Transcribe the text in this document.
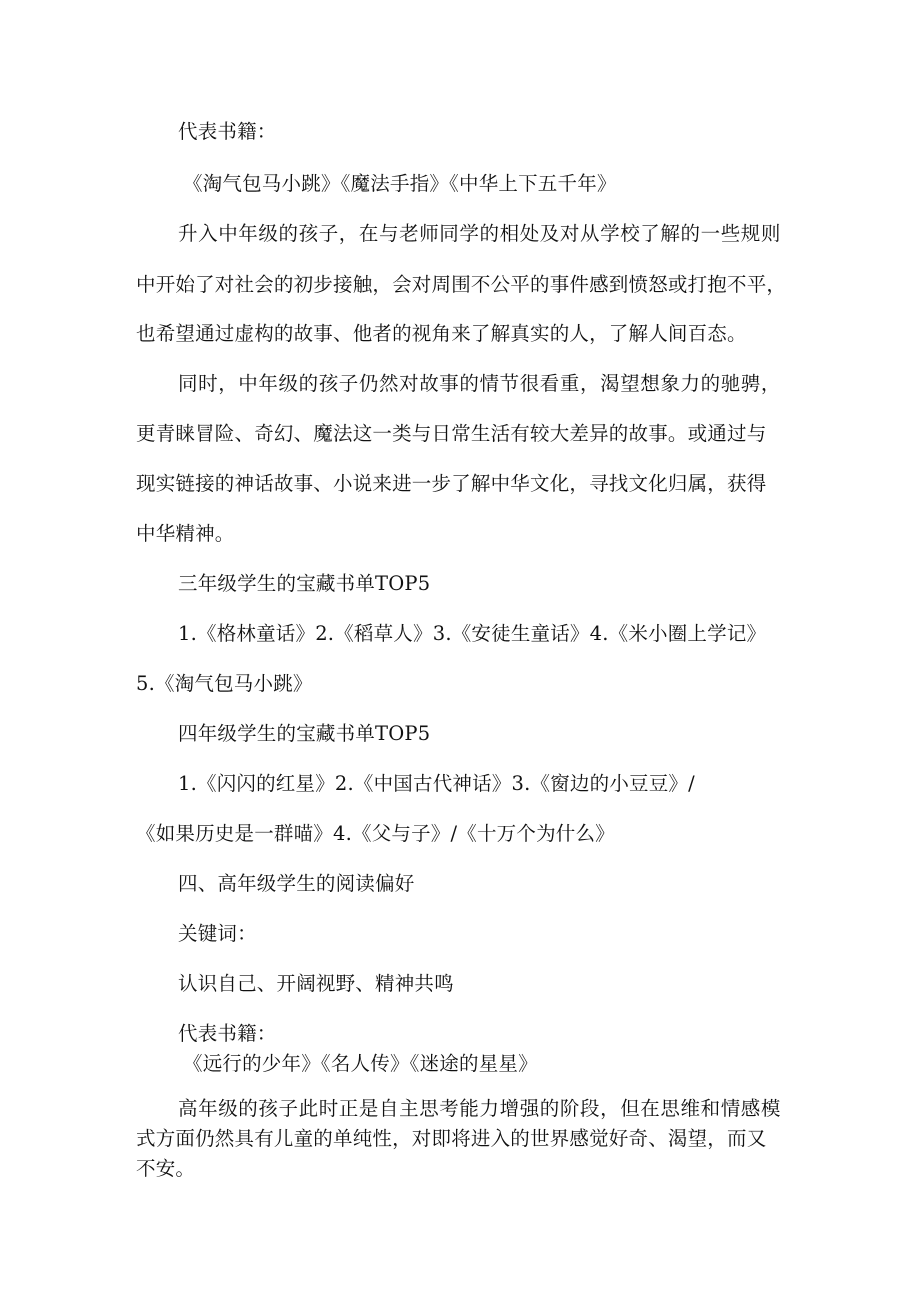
代表书籍：

《淘气包马小跳》《魔法手指》《中华上下五千年》

升入中年级的孩子，在与老师同学的相处及对从学校了解的一些规则

中开始了对社会的初步接触，会对周围不公平的事件感到愤怒或打抱不平，

也希望通过虚构的故事、他者的视角来了解真实的人，了解人间百态。

同时，中年级的孩子仍然对故事的情节很看重，渴望想象力的驰骋，

更青睐冒险、奇幻、魔法这一类与日常生活有较大差异的故事。或通过与

现实链接的神话故事、小说来进一步了解中华文化，寻找文化归属，获得

中华精神。

三年级学生的宝藏书单TOP5

1.《格林童话》2.《稻草人》3.《安徒生童话》4.《米小圈上学记》

5.《淘气包马小跳》

四年级学生的宝藏书单TOP5

1.《闪闪的红星》2.《中国古代神话》3.《窗边的小豆豆》/

《如果历史是一群喵》4.《父与子》/《十万个为什么》

四、高年级学生的阅读偏好

关键词：

认识自己、开阔视野、精神共鸣

代表书籍：

《远行的少年》《名人传》《迷途的星星》

高年级的孩子此时正是自主思考能力增强的阶段，但在思维和情感模

式方面仍然具有儿童的单纯性，对即将进入的世界感觉好奇、渴望，而又

不安。
